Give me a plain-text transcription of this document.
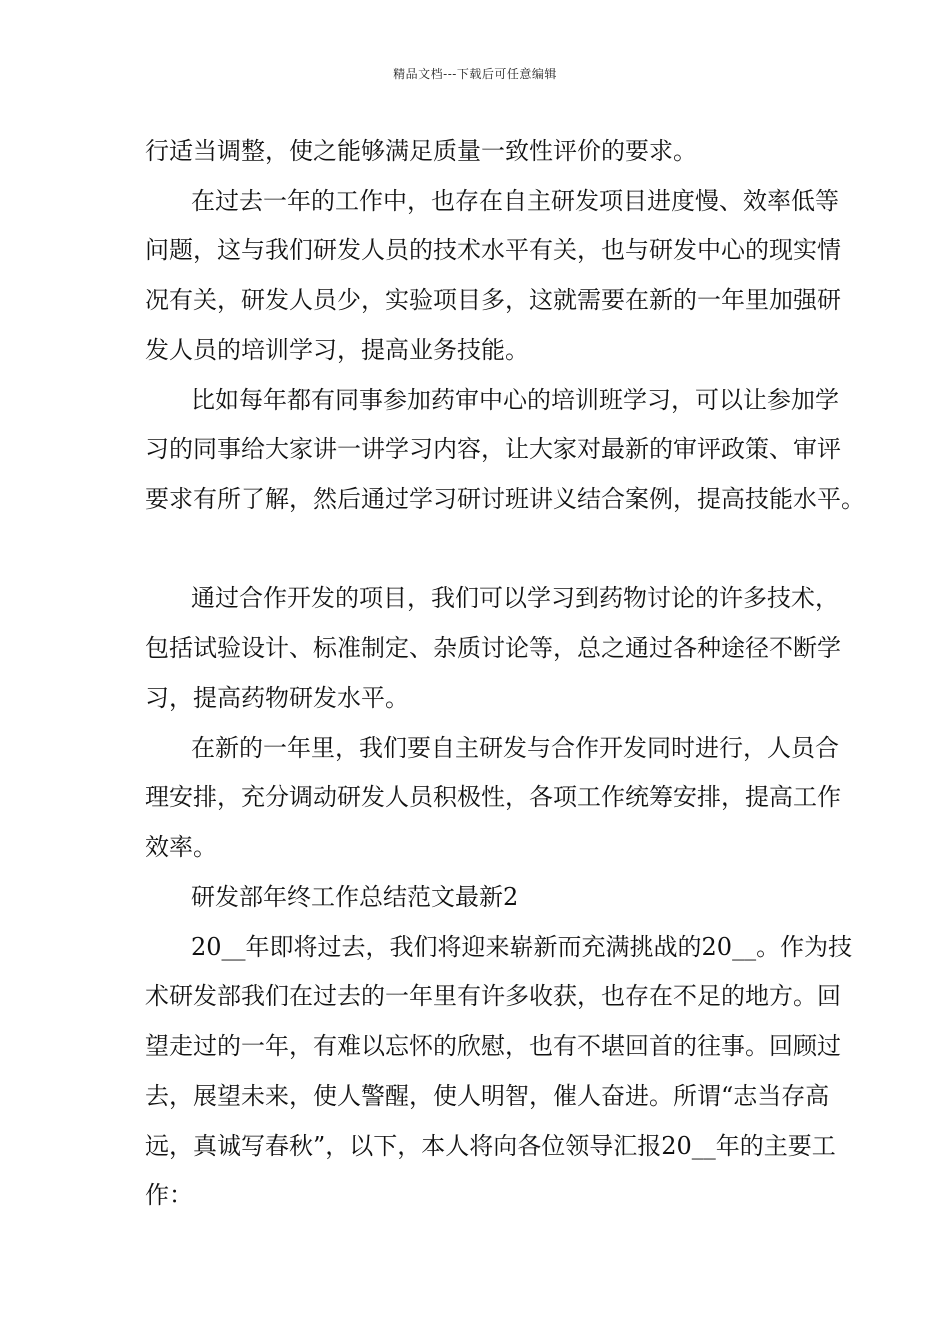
精品文档---下载后可任意编辑
行适当调整，使之能够满足质量一致性评价的要求。
在过去一年的工作中，也存在自主研发项目进度慢、效率低等
问题，这与我们研发人员的技术水平有关，也与研发中心的现实情
况有关，研发人员少，实验项目多，这就需要在新的一年里加强研
发人员的培训学习，提高业务技能。
比如每年都有同事参加药审中心的培训班学习，可以让参加学
习的同事给大家讲一讲学习内容，让大家对最新的审评政策、审评
要求有所了解，然后通过学习研讨班讲义结合案例，提高技能水平。
通过合作开发的项目，我们可以学习到药物讨论的许多技术，
包括试验设计、标准制定、杂质讨论等，总之通过各种途径不断学
习，提高药物研发水平。
在新的一年里，我们要自主研发与合作开发同时进行，人员合
理安排，充分调动研发人员积极性，各项工作统筹安排，提高工作
效率。
研发部年终工作总结范文最新2
20__年即将过去，我们将迎来崭新而充满挑战的20__。作为技
术研发部我们在过去的一年里有许多收获，也存在不足的地方。回
望走过的一年，有难以忘怀的欣慰，也有不堪回首的往事。回顾过
去，展望未来，使人警醒，使人明智，催人奋进。所谓“志当存高
远，真诚写春秋”，以下，本人将向各位领导汇报20__年的主要工
作：
